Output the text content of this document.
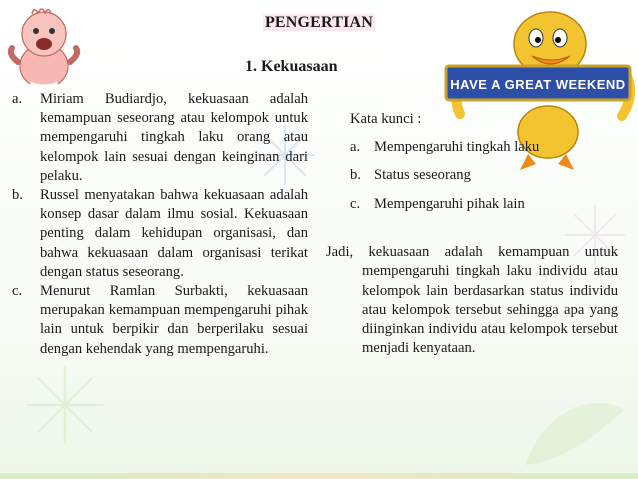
HAVE A GREAT WEEKEND
PENGERTIAN
1. Kekuasaan
a.	Miriam Budiardjo, kekuasaan adalah kemampuan seseorang atau kelompok untuk mempengaruhi tingkah laku orang atau kelompok lain sesuai dengan keinginan dari pelaku.
b.	Russel menyatakan bahwa kekuasaan adalah konsep dasar dalam ilmu sosial. Kekuasaan penting dalam kehidupan organisasi, dan bahwa kekuasaan dalam organisasi terikat dengan status seseorang.
c.	Menurut Ramlan Surbakti, kekuasaan merupakan kemampuan mempengaruhi pihak lain untuk berpikir dan berperilaku sesuai dengan kehendak yang mempengaruhi.
Kata kunci :
a. Mempengaruhi tingkah laku
b. Status seseorang
c. Mempengaruhi pihak lain
Jadi, kekuasaan adalah kemampuan untuk mempengaruhi tingkah laku individu atau kelompok lain berdasarkan status individu atau kelompok tersebut sehingga apa yang diinginkan individu atau kelompok tersebut menjadi kenyataan.
